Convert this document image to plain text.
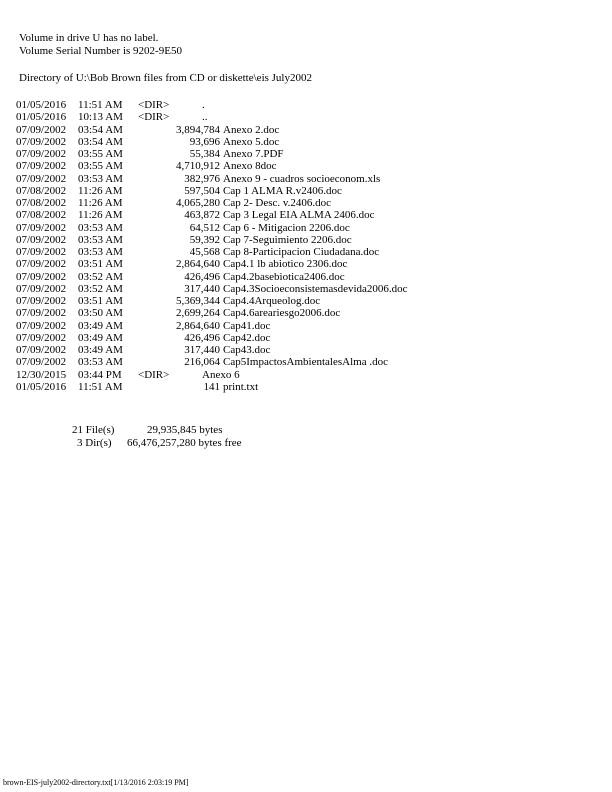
Volume in drive U has no label.
Volume Serial Number is 9202-9E50
Directory of U:\Bob Brown files from CD or diskette\eis July2002
01/05/2016 11:51 AM <DIR>	.
01/05/2016 10:13 AM <DIR>	..
07/09/2002 03:54 AM	3,894,784 Anexo 2.doc
07/09/2002 03:54 AM	93,696 Anexo 5.doc
07/09/2002 03:55 AM	55,384 Anexo 7.PDF
07/09/2002 03:55 AM	4,710,912 Anexo 8doc
07/09/2002 03:53 AM	382,976 Anexo 9 - cuadros socioeconom.xls
07/08/2002 11:26 AM	597,504 Cap 1 ALMA R.v2406.doc
07/08/2002 11:26 AM	4,065,280 Cap 2- Desc. v.2406.doc
07/08/2002 11:26 AM	463,872 Cap 3 Legal EIA ALMA 2406.doc
07/09/2002 03:53 AM	64,512 Cap 6 - Mitigacion 2206.doc
07/09/2002 03:53 AM	59,392 Cap 7-Seguimiento 2206.doc
07/09/2002 03:53 AM	45,568 Cap 8-Participacion Ciudadana.doc
07/09/2002 03:51 AM	2,864,640 Cap4.1 lb abiotico 2306.doc
07/09/2002 03:52 AM	426,496 Cap4.2basebiotica2406.doc
07/09/2002 03:52 AM	317,440 Cap4.3Socioeconsistemasdevida2006.doc
07/09/2002 03:51 AM	5,369,344 Cap4.4Arqueolog.doc
07/09/2002 03:50 AM	2,699,264 Cap4.6areariesgo2006.doc
07/09/2002 03:49 AM	2,864,640 Cap41.doc
07/09/2002 03:49 AM	426,496 Cap42.doc
07/09/2002 03:49 AM	317,440 Cap43.doc
07/09/2002 03:53 AM	216,064 Cap5ImpactosAmbientalesAlma .doc
12/30/2015 03:44 PM <DIR>	Anexo 6
01/05/2016 11:51 AM	141 print.txt
21 File(s)	29,935,845 bytes
3 Dir(s) 66,476,257,280 bytes free
brown-EIS-july2002-directory.txt[1/13/2016 2:03:19 PM]
